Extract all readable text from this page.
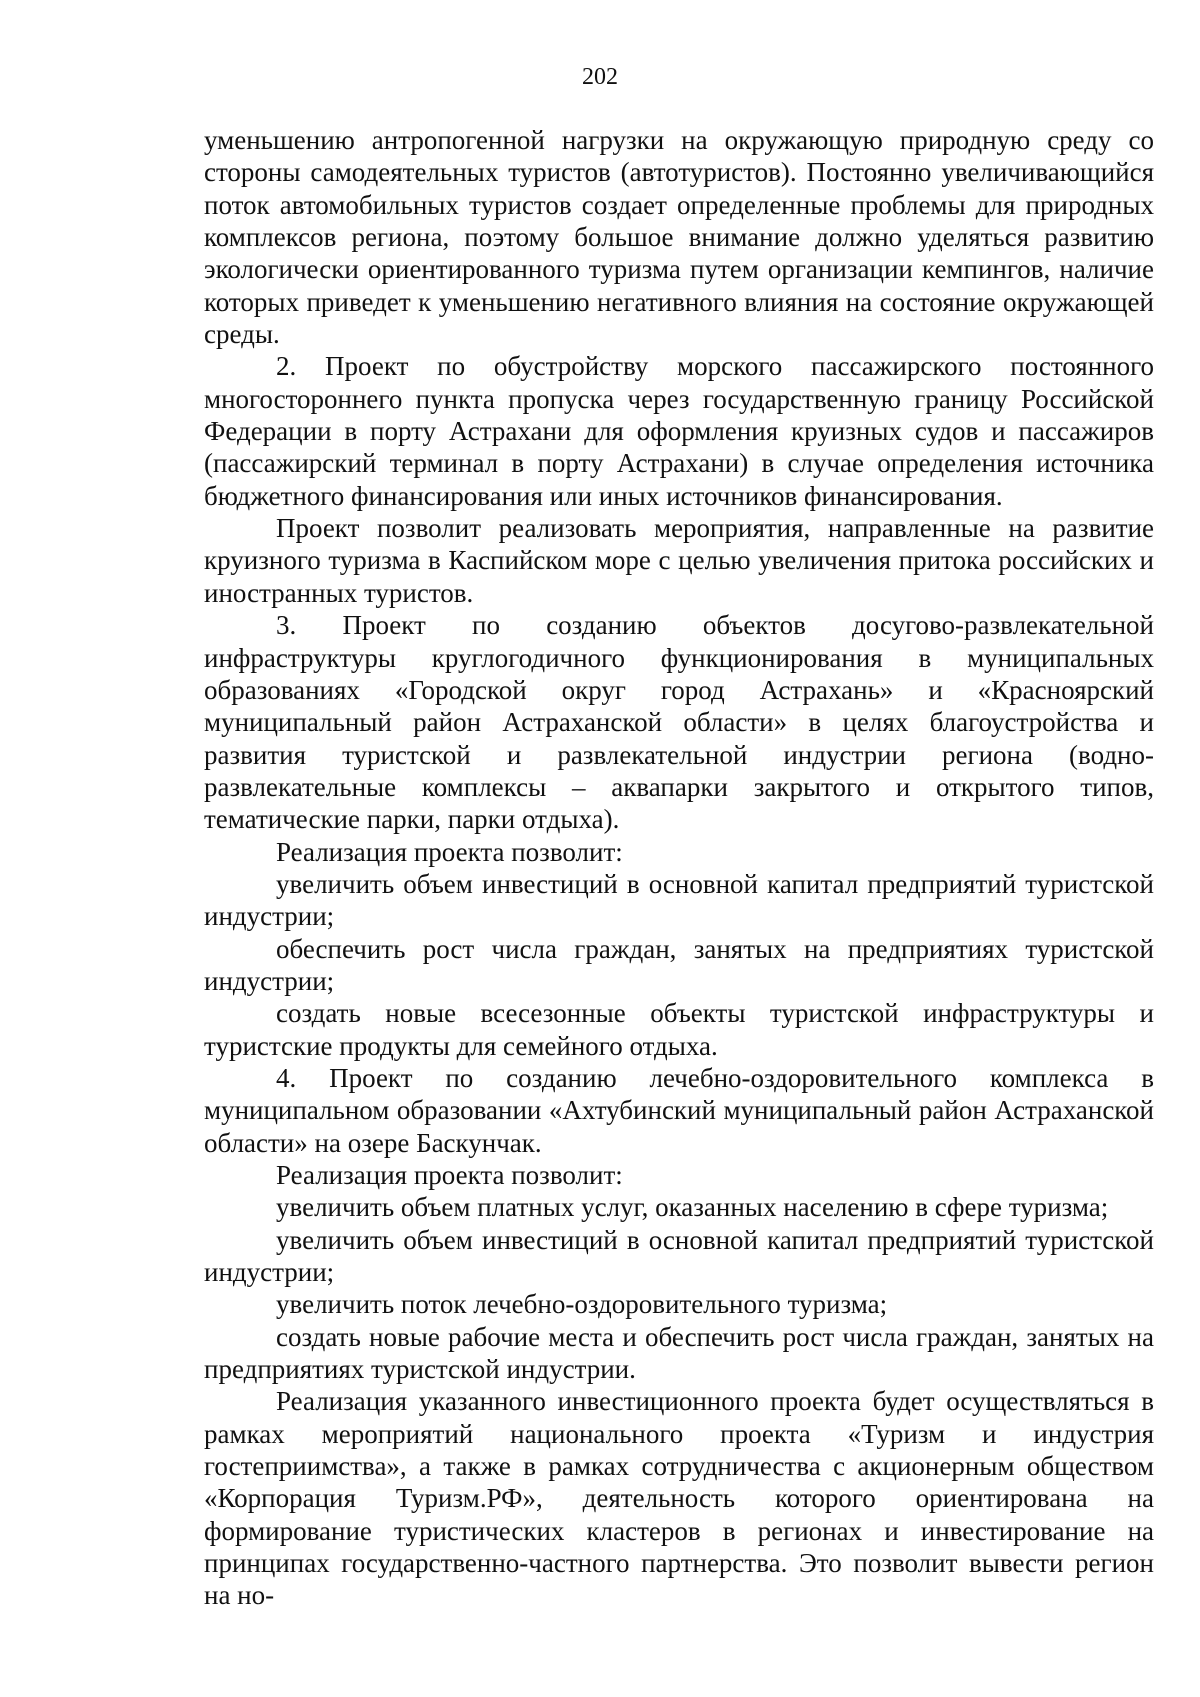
202

уменьшению антропогенной нагрузки на окружающую природную среду со стороны самодеятельных туристов (автотуристов). Постоянно увеличивающийся поток автомобильных туристов создает определенные проблемы для природных комплексов региона, поэтому большое внимание должно уделяться развитию экологически ориентированного туризма путем организации кемпингов, наличие которых приведет к уменьшению негативного влияния на состояние окружающей среды.

2. Проект по обустройству морского пассажирского постоянного многостороннего пункта пропуска через государственную границу Российской Федерации в порту Астрахани для оформления круизных судов и пассажиров (пассажирский терминал в порту Астрахани) в случае определения источника бюджетного финансирования или иных источников финансирования.

Проект позволит реализовать мероприятия, направленные на развитие круизного туризма в Каспийском море с целью увеличения притока российских и иностранных туристов.

3. Проект по созданию объектов досугово-развлекательной инфраструктуры круглогодичного функционирования в муниципальных образованиях «Городской округ город Астрахань» и «Красноярский муниципальный район Астраханской области» в целях благоустройства и развития туристской и развлекательной индустрии региона (водно-развлекательные комплексы – аквапарки закрытого и открытого типов, тематические парки, парки отдыха).

Реализация проекта позволит:

увеличить объем инвестиций в основной капитал предприятий туристской индустрии;

обеспечить рост числа граждан, занятых на предприятиях туристской индустрии;

создать новые всесезонные объекты туристской инфраструктуры и туристские продукты для семейного отдыха.

4. Проект по созданию лечебно-оздоровительного комплекса в муниципальном образовании «Ахтубинский муниципальный район Астраханской области» на озере Баскунчак.

Реализация проекта позволит:

увеличить объем платных услуг, оказанных населению в сфере туризма;

увеличить объем инвестиций в основной капитал предприятий туристской индустрии;

увеличить поток лечебно-оздоровительного туризма;

создать новые рабочие места и обеспечить рост числа граждан, занятых на предприятиях туристской индустрии.

Реализация указанного инвестиционного проекта будет осуществляться в рамках мероприятий национального проекта «Туризм и индустрия гостеприимства», а также в рамках сотрудничества с акционерным обществом «Корпорация Туризм.РФ», деятельность которого ориентирована на формирование туристических кластеров в регионах и инвестирование на принципах государственно-частного партнерства. Это позволит вывести регион на но-
